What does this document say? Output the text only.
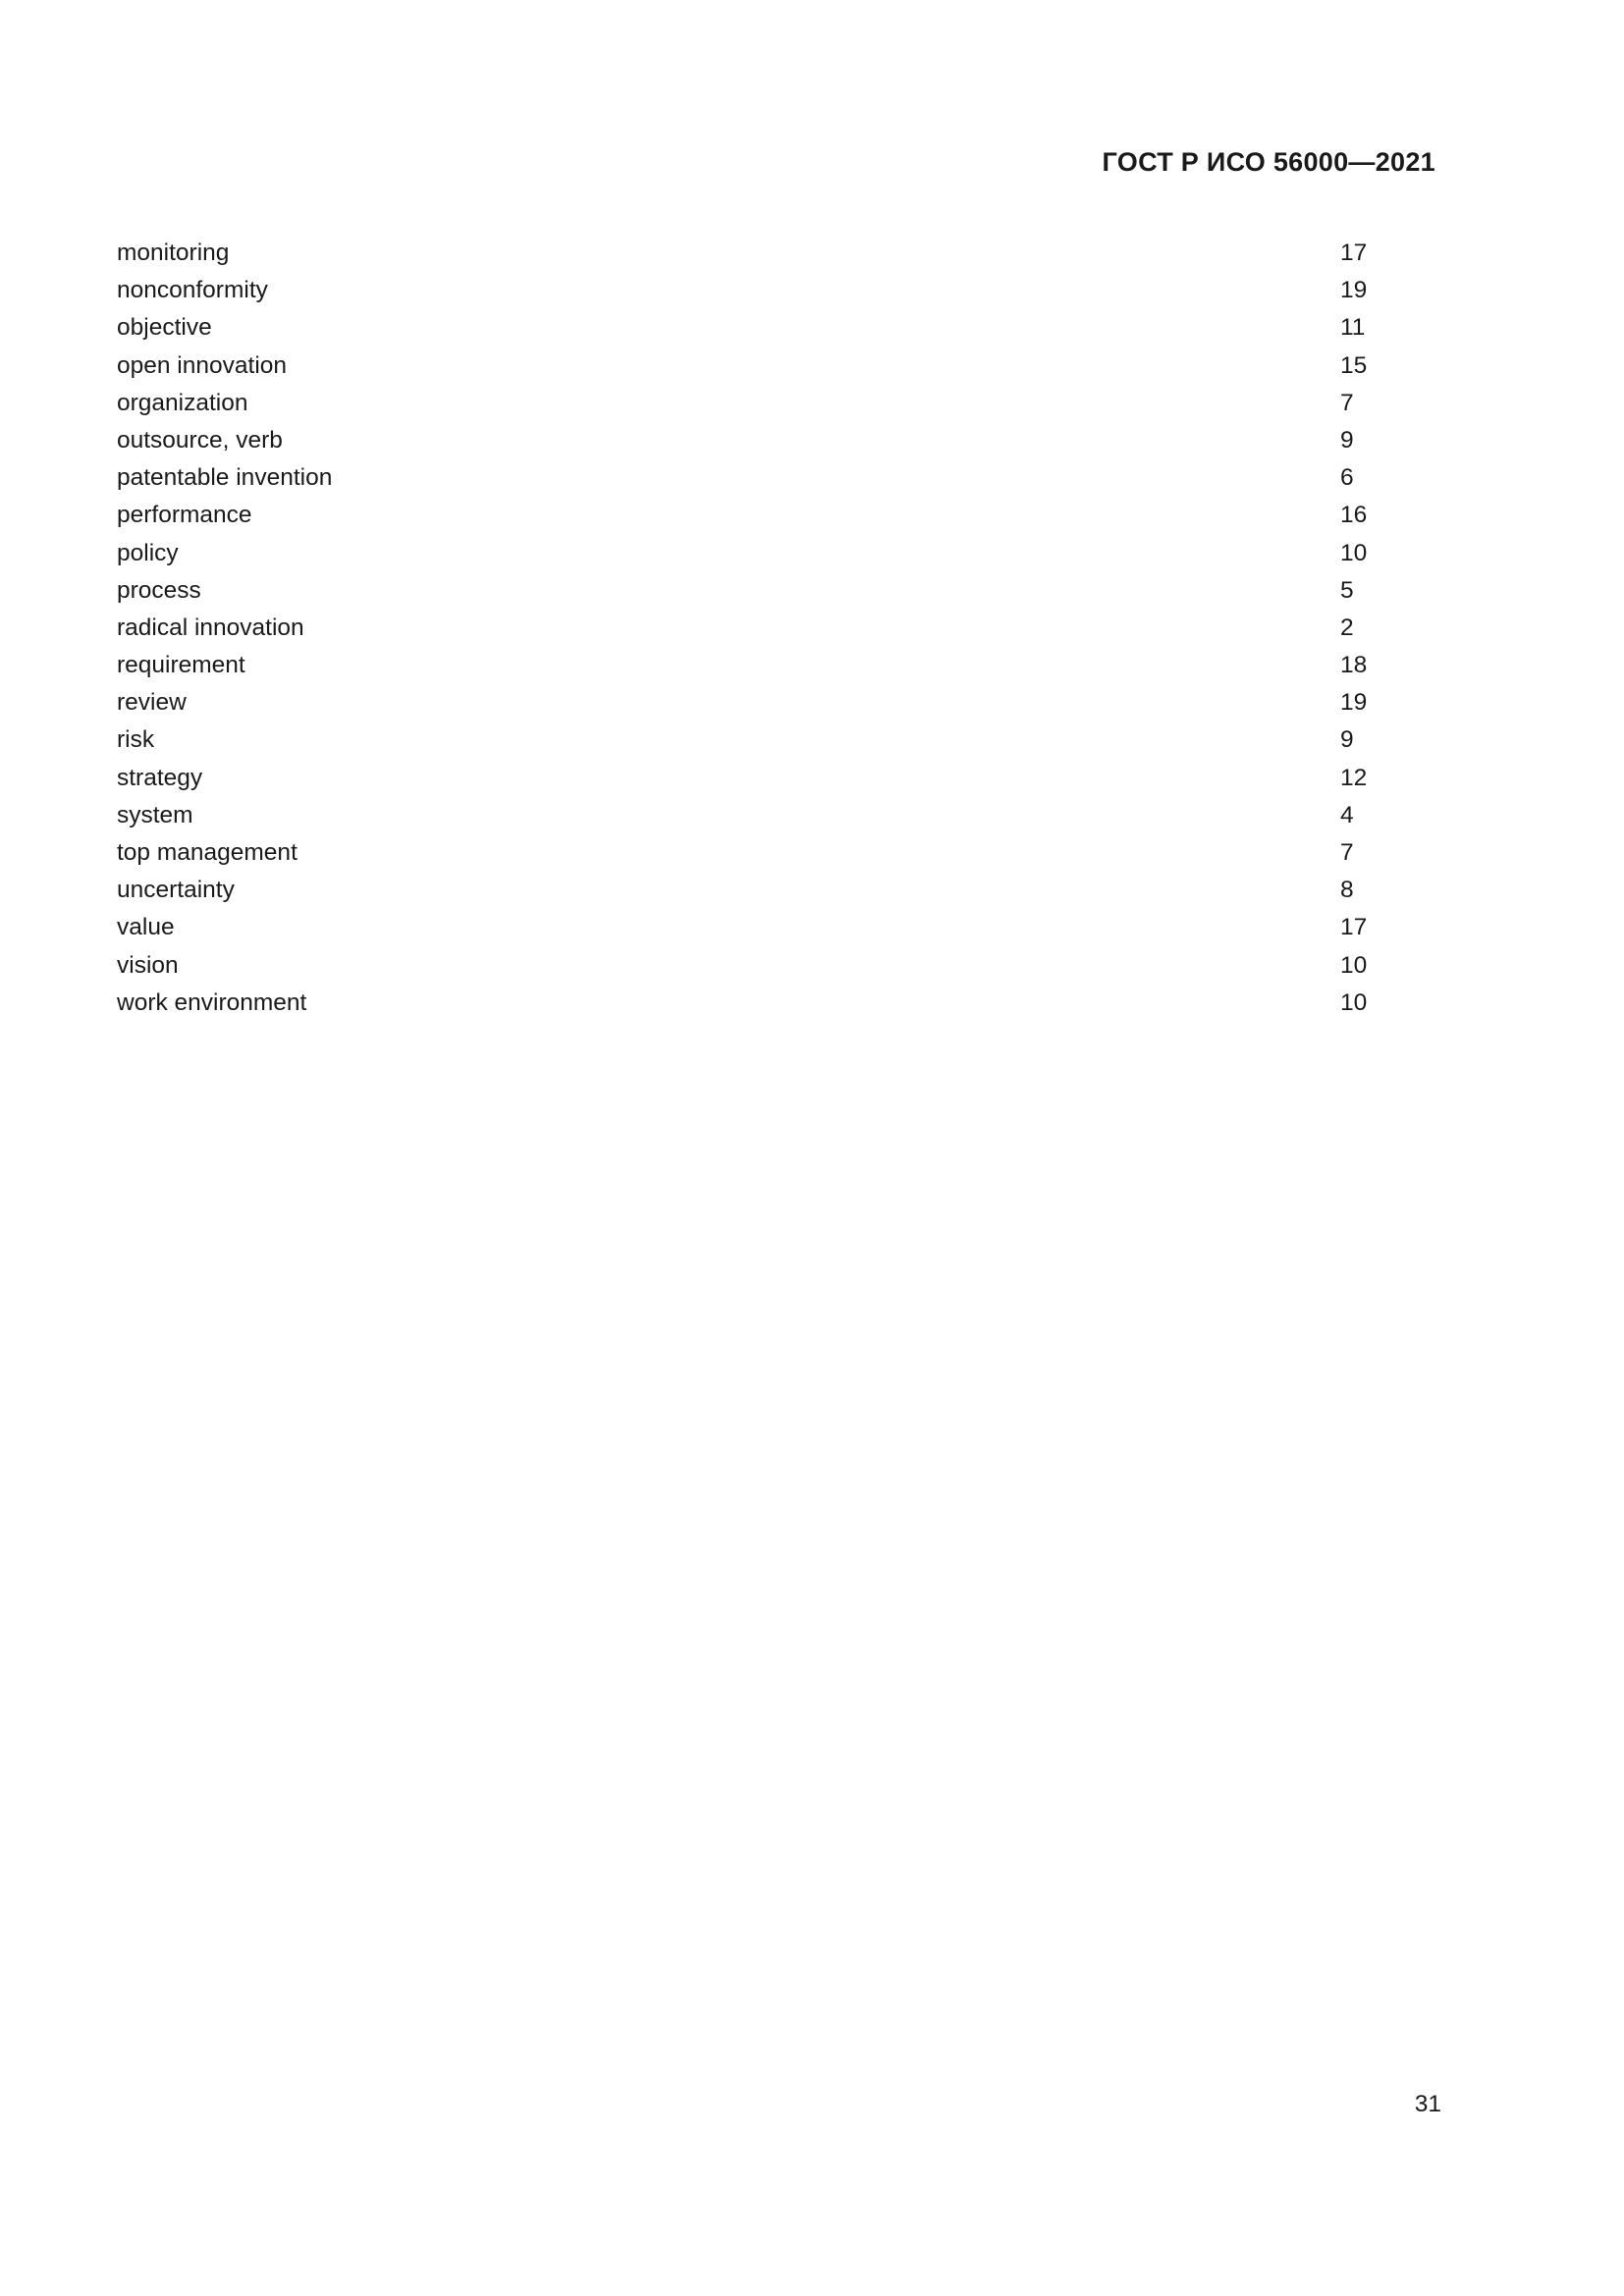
ГОСТ Р ИСО 56000—2021
monitoring	17
nonconformity	19
objective	11
open innovation	15
organization	7
outsource, verb	9
patentable invention	6
performance	16
policy	10
process	5
radical innovation	2
requirement	18
review	19
risk	9
strategy	12
system	4
top management	7
uncertainty	8
value	17
vision	10
work environment	10
31
